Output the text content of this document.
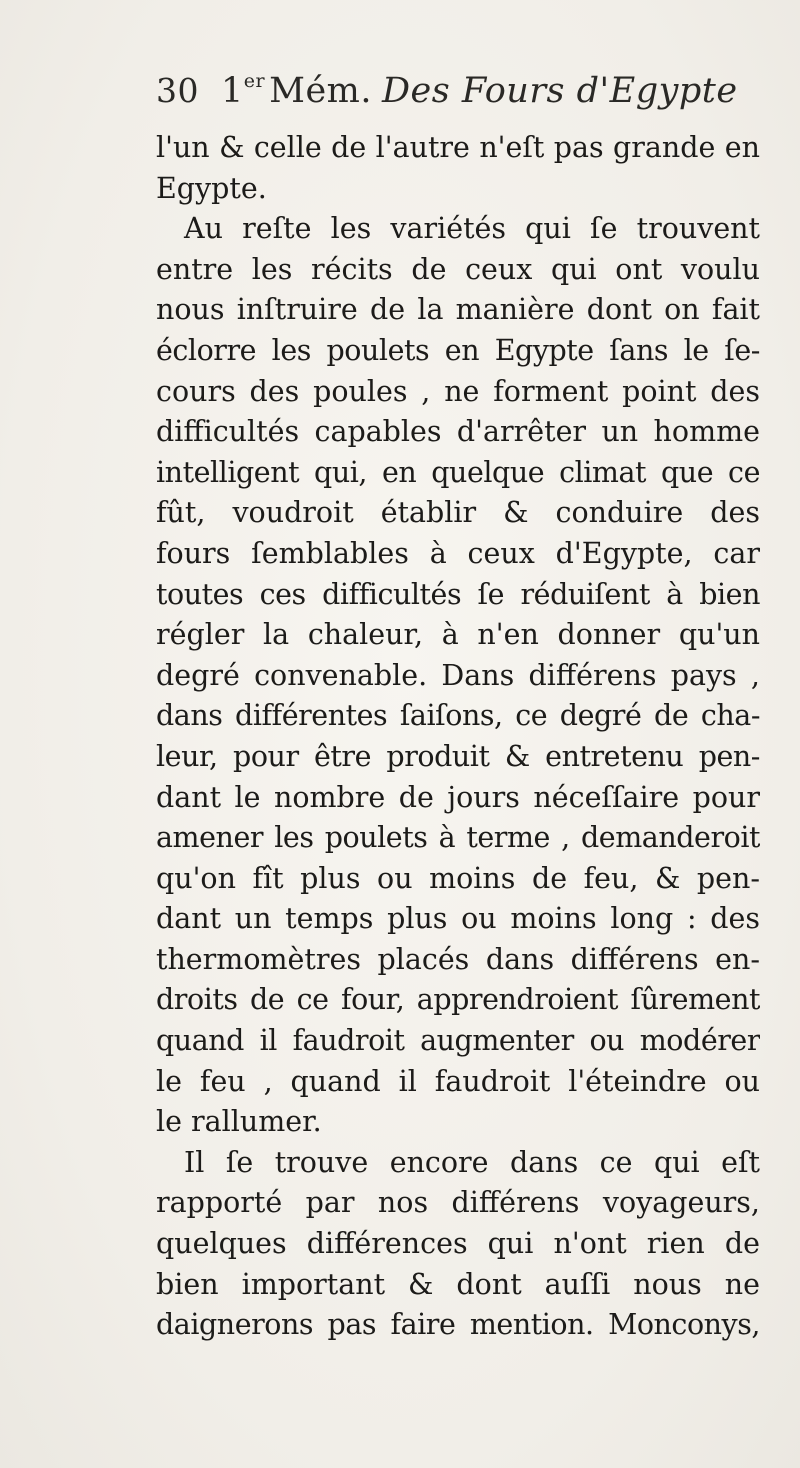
30 1er Mém. Des Fours d'Egypte
l'un & celle de l'autre n'eſt pas grande en
Egypte.
Au reſte les variétés qui ſe trouvent
entre les récits de ceux qui ont voulu
nous inſtruire de la manière dont on fait
éclorre les poulets en Egypte ſans le ſe-
cours des poules , ne forment point des
difficultés capables d'arrêter un homme
intelligent qui, en quelque climat que ce
fût, voudroit établir & conduire des
fours ſemblables à ceux d'Egypte, car
toutes ces difficultés ſe réduiſent à bien
régler la chaleur, à n'en donner qu'un
degré convenable. Dans différens pays ,
dans différentes ſaiſons, ce degré de cha-
leur, pour être produit & entretenu pen-
dant le nombre de jours néceſſaire pour
amener les poulets à terme , demanderoit
qu'on fît plus ou moins de feu, & pen-
dant un temps plus ou moins long : des
thermomètres placés dans différens en-
droits de ce four, apprendroient ſûrement
quand il faudroit augmenter ou modérer
le feu , quand il faudroit l'éteindre ou
le rallumer.
Il ſe trouve encore dans ce qui eſt
rapporté par nos différens voyageurs,
quelques différences qui n'ont rien de
bien important & dont auſſi nous ne
daignerons pas faire mention. Monconys,
